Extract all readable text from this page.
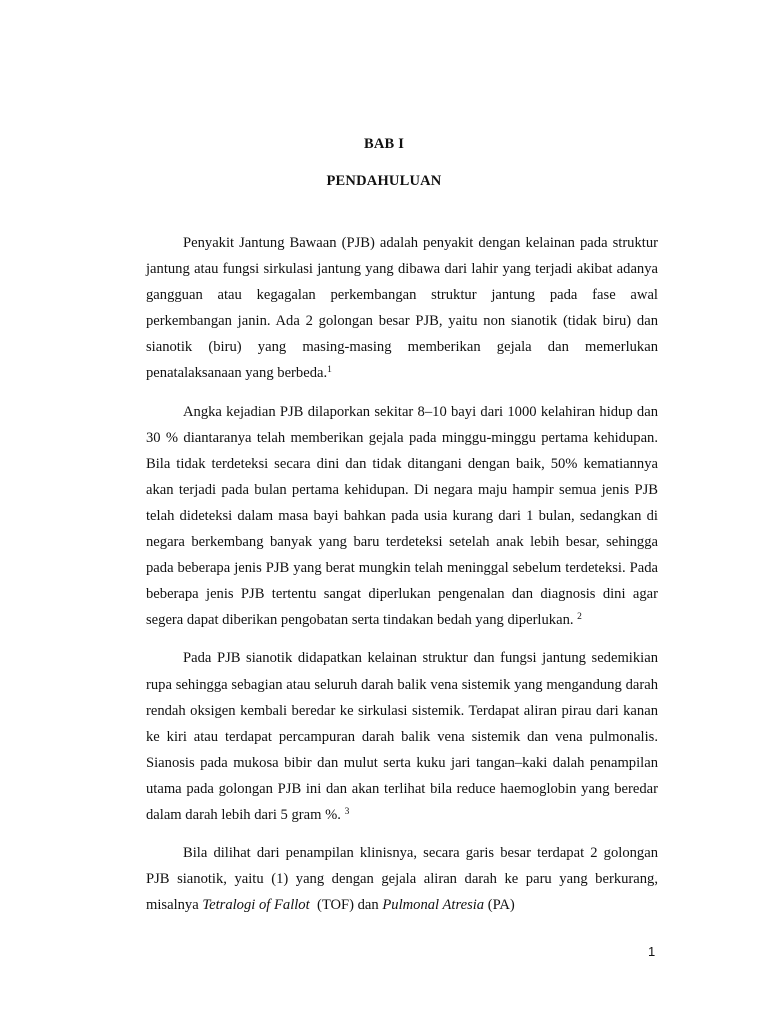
BAB I
PENDAHULUAN

Penyakit Jantung Bawaan (PJB) adalah penyakit dengan kelainan pada struktur jantung atau fungsi sirkulasi jantung yang dibawa dari lahir yang terjadi akibat adanya gangguan atau kegagalan perkembangan struktur jantung pada fase awal perkembangan janin. Ada 2 golongan besar PJB, yaitu non sianotik (tidak biru) dan sianotik (biru) yang masing-masing memberikan gejala dan memerlukan penatalaksanaan yang berbeda.$^1$

Angka kejadian PJB dilaporkan sekitar 8–10 bayi dari 1000 kelahiran hidup dan 30 % diantaranya telah memberikan gejala pada minggu-minggu pertama kehidupan. Bila tidak terdeteksi secara dini dan tidak ditangani dengan baik, 50% kematiannya akan terjadi pada bulan pertama kehidupan. Di negara maju hampir semua jenis PJB telah dideteksi dalam masa bayi bahkan pada usia kurang dari 1 bulan, sedangkan di negara berkembang banyak yang baru terdeteksi setelah anak lebih besar, sehingga pada beberapa jenis PJB yang berat mungkin telah meninggal sebelum terdeteksi. Pada beberapa jenis PJB tertentu sangat diperlukan pengenalan dan diagnosis dini agar segera dapat diberikan pengobatan serta tindakan bedah yang diperlukan. $^2$

Pada PJB sianotik didapatkan kelainan struktur dan fungsi jantung sedemikian rupa sehingga sebagian atau seluruh darah balik vena sistemik yang mengandung darah rendah oksigen kembali beredar ke sirkulasi sistemik. Terdapat aliran pirau dari kanan ke kiri atau terdapat percampuran darah balik vena sistemik dan vena pulmonalis. Sianosis pada mukosa bibir dan mulut serta kuku jari tangan–kaki dalah penampilan utama pada golongan PJB ini dan akan terlihat bila reduce haemoglobin yang beredar dalam darah lebih dari 5 gram %. $^3$

Bila dilihat dari penampilan klinisnya, secara garis besar terdapat 2 golongan PJB sianotik, yaitu (1) yang dengan gejala aliran darah ke paru yang berkurang, misalnya Tetralogi of Fallot  (TOF) dan Pulmonal Atresia (PA)

1
